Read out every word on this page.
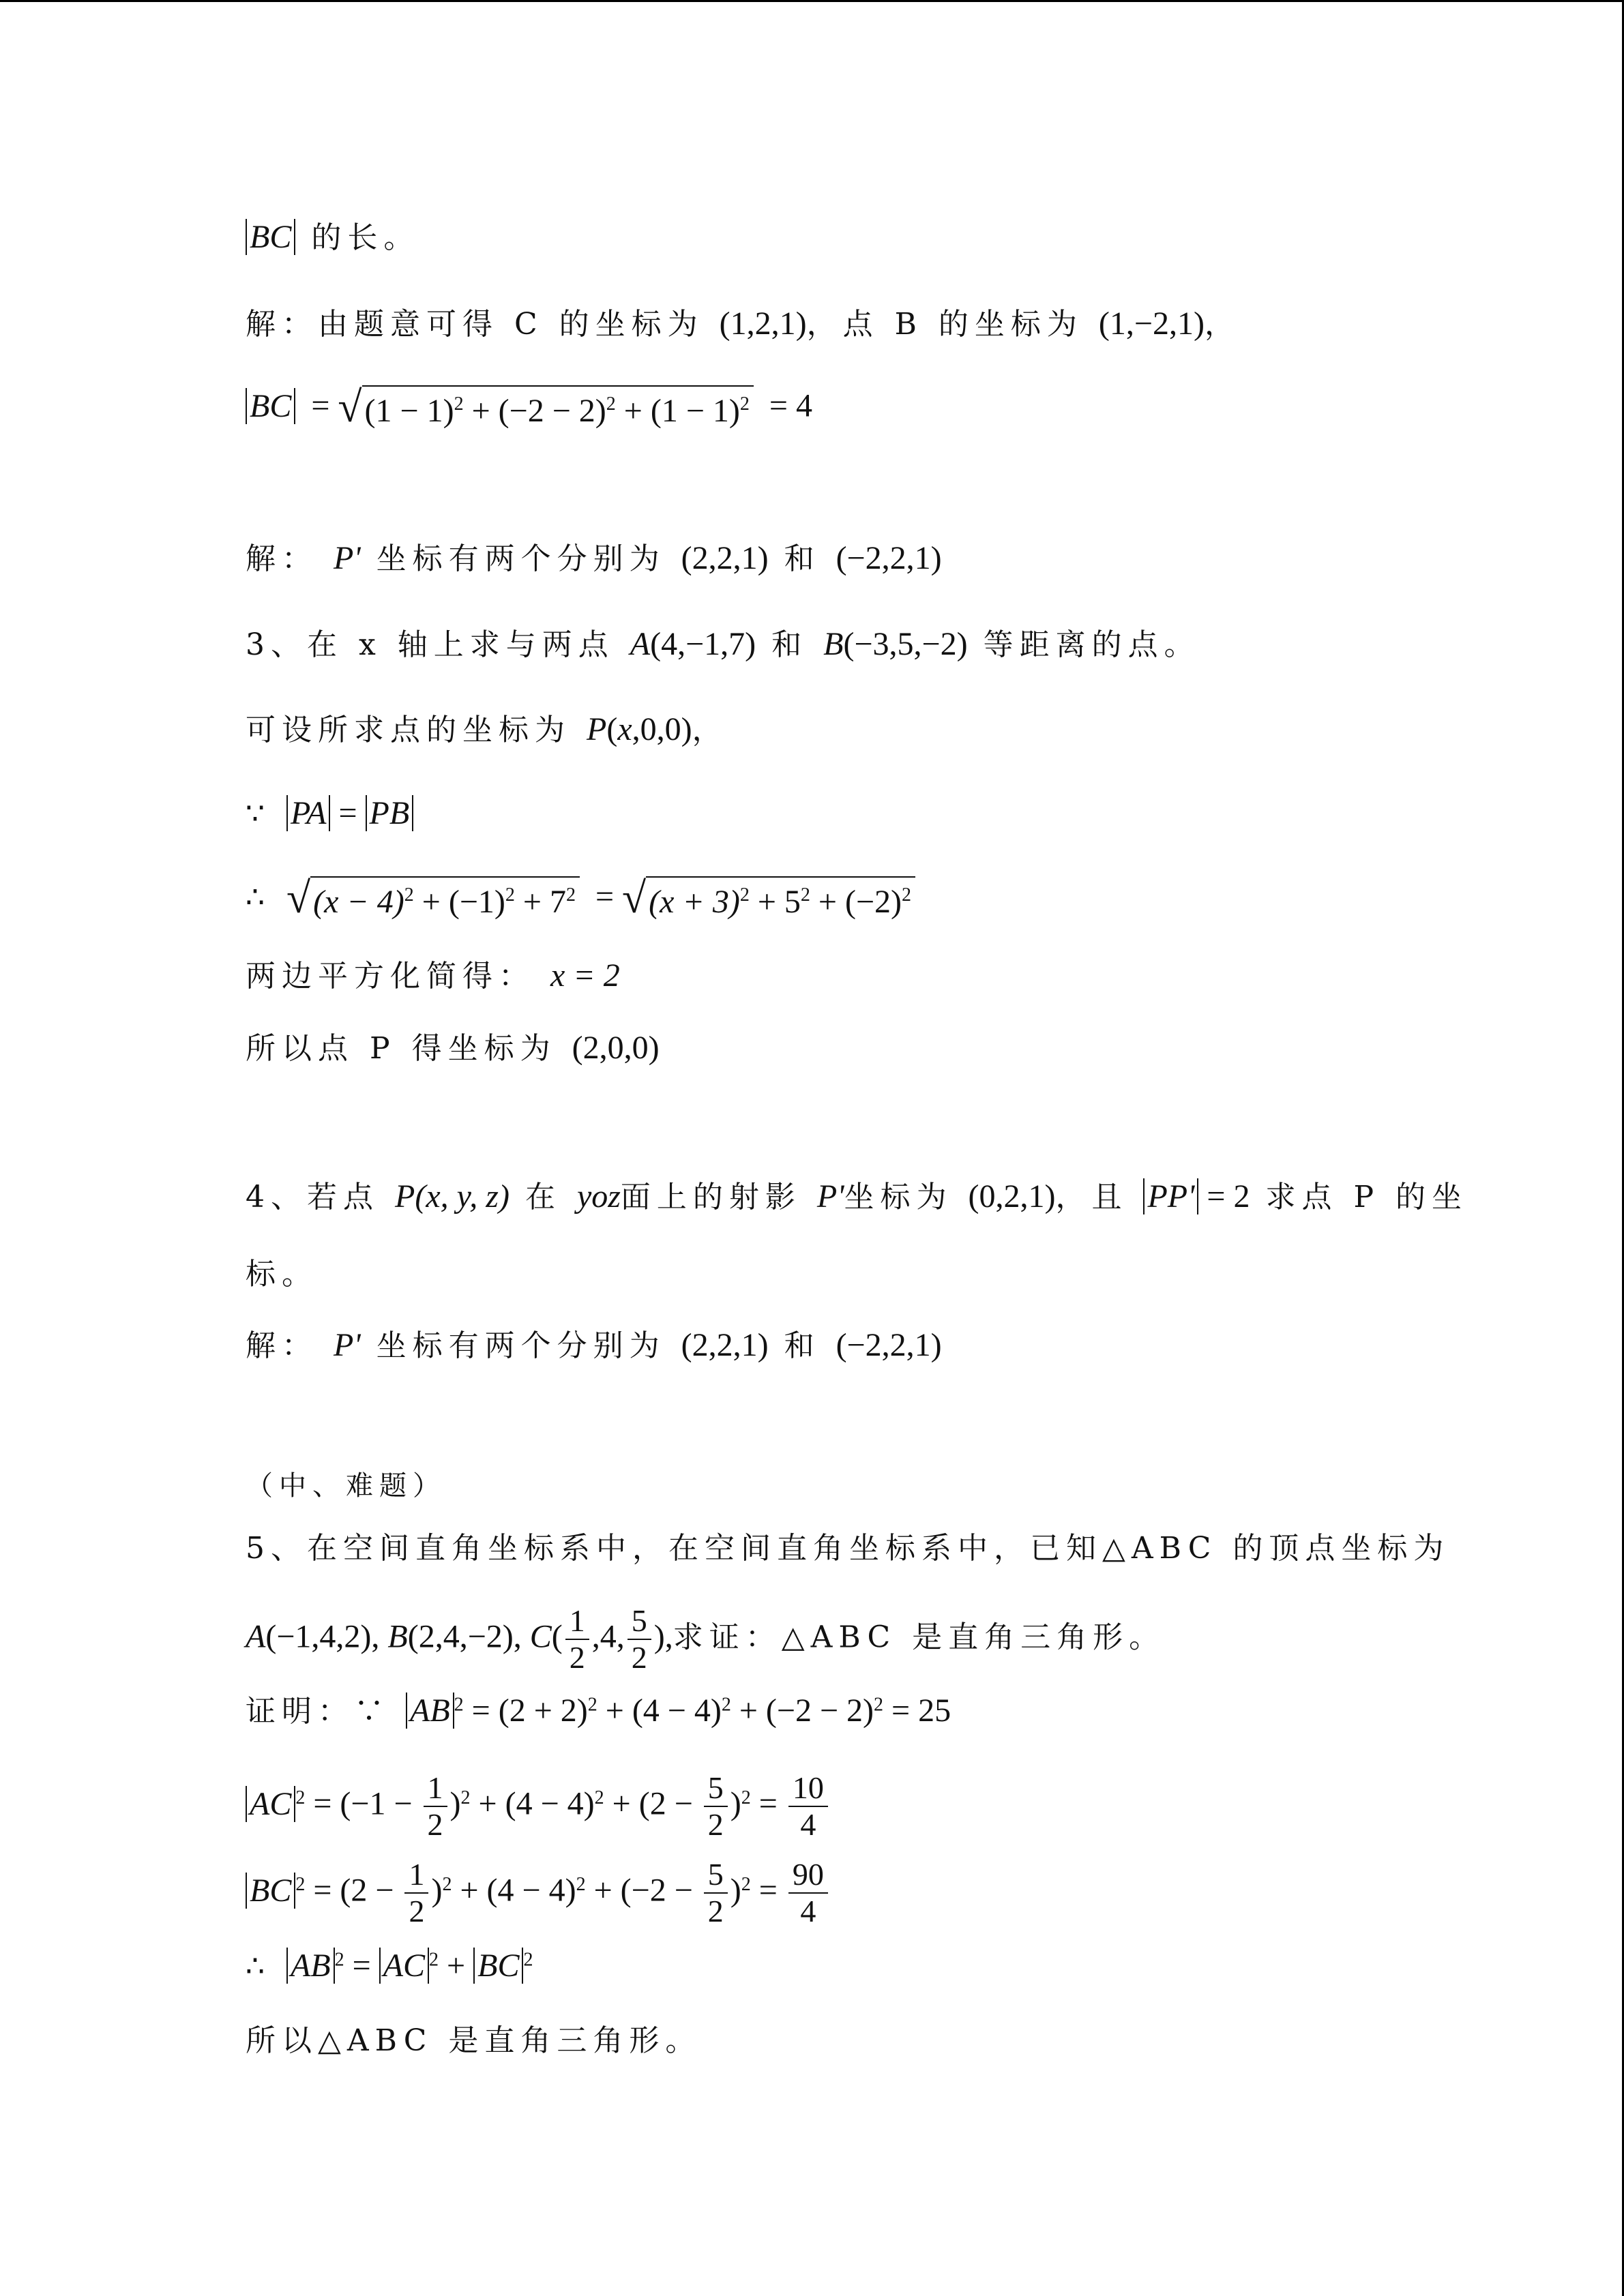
BC 的长。
解：由题意可得 C 的坐标为 (1,2,1)，点 B 的坐标为 (1,−2,1)，
BC = √ $(1 - 1)^2 + (-2 - 2)^2 + (1 - 1)^2 = 4$
解： P' 坐标有两个分别为 (2,2,1) 和 (−2,2,1)
3、在 x 轴上求与两点 A(4,−1,7) 和 B(−3,5,−2) 等距离的点。
可设所求点的坐标为 P(x,0,0)，
∵ PA = PB
∴ √ $(x - 4)^2 + (-1)^2 + 7^2$ = √ $(x + 3)^2 + 5^2 + (-2)^2$
两边平方化简得： x = 2
所以点 P 得坐标为 (2,0,0)
4、若点 P(x, y, z) 在 yoz面上的射影 P'坐标为 (0,2,1)，且 PP' = 2 求点 P 的坐
标。
解： P' 坐标有两个分别为 (2,2,1) 和 (−2,2,1)
（中、难题）
5、在空间直角坐标系中，在空间直角坐标系中，已知△ABC 的顶点坐标为
A(−1,4,2), B(2,4,−2), $C( \frac{1}{2} ,4$, $\frac{5}{2}$ ),求证：△ABC 是直角三角形。
证明：∵ AB $^2 = (2 + 2)^2 + (4 - 4)^2 + (-2 - 2)^2 = 25$
AC $^2 = (-1 - \frac{1}{2} )^2 + (4 - 4)^2 + (2 - \frac{5}{2} )^2 = \frac{10}{4}$
BC $^2 = (2 - \frac{1}{2} )^2 + (4 - 4)^2 + (-2 - \frac{5}{2} )^2 = \frac{90}{4}$
∴ AB $^2$ = AC $^2$ + BC $^2$
所以△ABC 是直角三角形。
